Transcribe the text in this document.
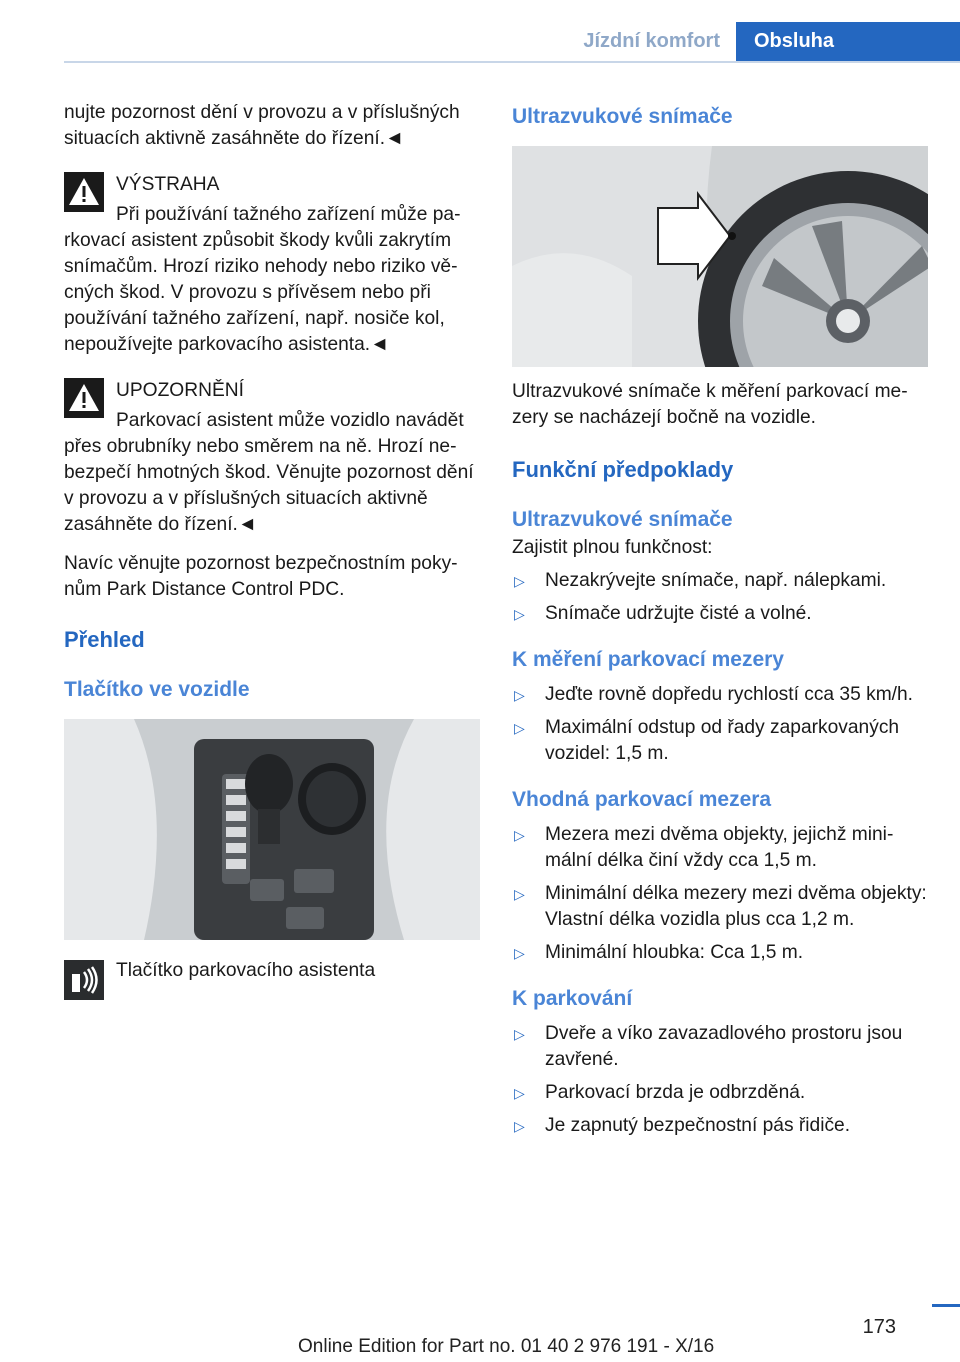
Jízdní komfort	Obsluha

nujte pozornost dění v provozu a v příslušných situacích aktivně zasáhněte do řízení.◄

VÝSTRAHA
Při používání tažného zařízení může pa-

rkovací asistent způsobit škody kvůli zakrytím snímačům. Hrozí riziko nehody nebo riziko věcných škod. V provozu s přívěsem nebo při používání tažného zařízení, např. nosiče kol, nepoužívejte parkovacího asistenta.◄

UPOZORNĚNÍ
Parkovací asistent může vozidlo navádět

přes obrubníky nebo směrem na ně. Hrozí nebezpečí hmotných škod. Věnujte pozornost dění v provozu a v příslušných situacích aktivně zasáhněte do řízení.◄

Navíc věnujte pozornost bezpečnostním pokynům Park Distance Control PDC.

Přehled
Tlačítko ve vozidle

Tlačítko parkovacího asistenta

Ultrazvukové snímače

Ultrazvukové snímače k měření parkovací mezery se nacházejí bočně na vozidle.

Funkční předpoklady
Ultrazvukové snímače

Zajistit plnou funkčnost:

▷ Nezakrývejte snímače, např. nálepkami.
▷ Snímače udržujte čisté a volné.
K měření parkovací mezery
▷ Jeďte rovně dopředu rychlostí cca 35 km/h.
▷ Maximální odstup od řady zaparkovaných vozidel: 1,5 m.
Vhodná parkovací mezera
▷ Mezera mezi dvěma objekty, jejichž minimální délka činí vždy cca 1,5 m.
▷ Minimální délka mezery mezi dvěma objekty: Vlastní délka vozidla plus cca 1,2 m.
▷ Minimální hloubka: Cca 1,5 m.
K parkování
▷ Dveře a víko zavazadlového prostoru jsou zavřené.
▷ Parkovací brzda je odbrzděná.
▷ Je zapnutý bezpečnostní pás řidiče.
173
Online Edition for Part no. 01 40 2 976 191 - X/16
